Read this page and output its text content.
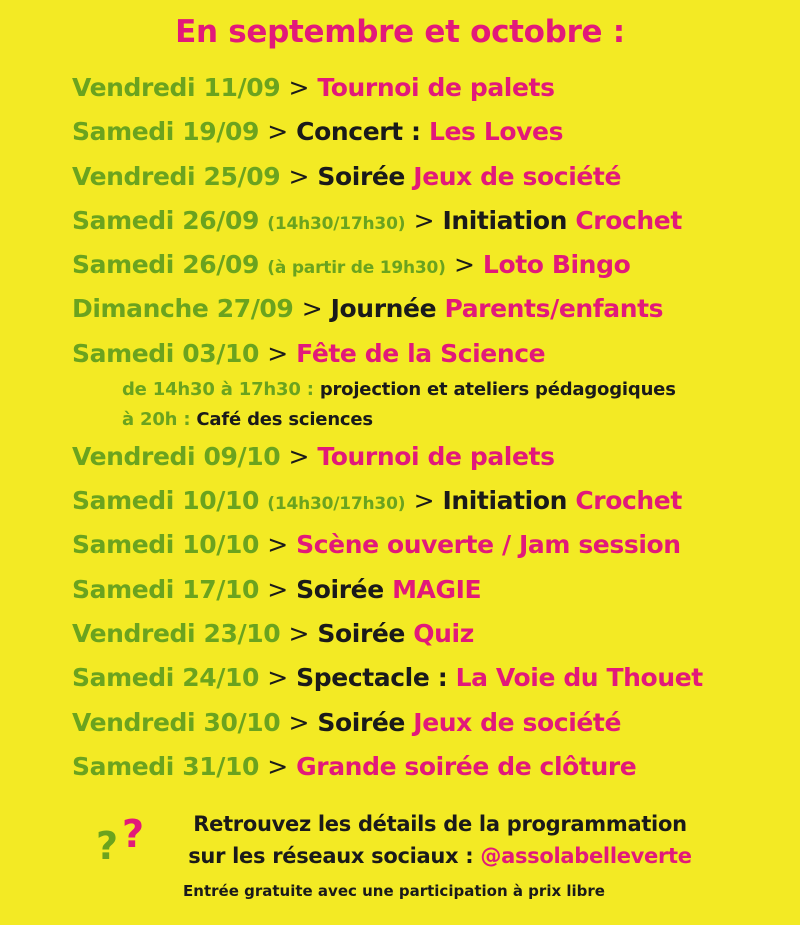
En septembre et octobre :
Vendredi 11/09 > Tournoi de palets
Samedi 19/09 > Concert : Les Loves
Vendredi 25/09 > Soirée Jeux de société
Samedi 26/09 (14h30/17h30) > Initiation Crochet
Samedi 26/09 (à partir de 19h30) > Loto Bingo
Dimanche 27/09 > Journée Parents/enfants
Samedi 03/10 > Fête de la Science
de 14h30 à 17h30 : projection et ateliers pédagogiques
à 20h : Café des sciences
Vendredi 09/10 > Tournoi de palets
Samedi 10/10 (14h30/17h30) > Initiation Crochet
Samedi 10/10 > Scène ouverte / Jam session
Samedi 17/10 > Soirée MAGIE
Vendredi 23/10 > Soirée Quiz
Samedi 24/10 > Spectacle : La Voie du Thouet
Vendredi 30/10 > Soirée Jeux de société
Samedi 31/10 > Grande soirée de clôture
? ?	Retrouvez les détails de la programmation
sur les réseaux sociaux : @assolabelleverte
Entrée gratuite avec une participation à prix libre
